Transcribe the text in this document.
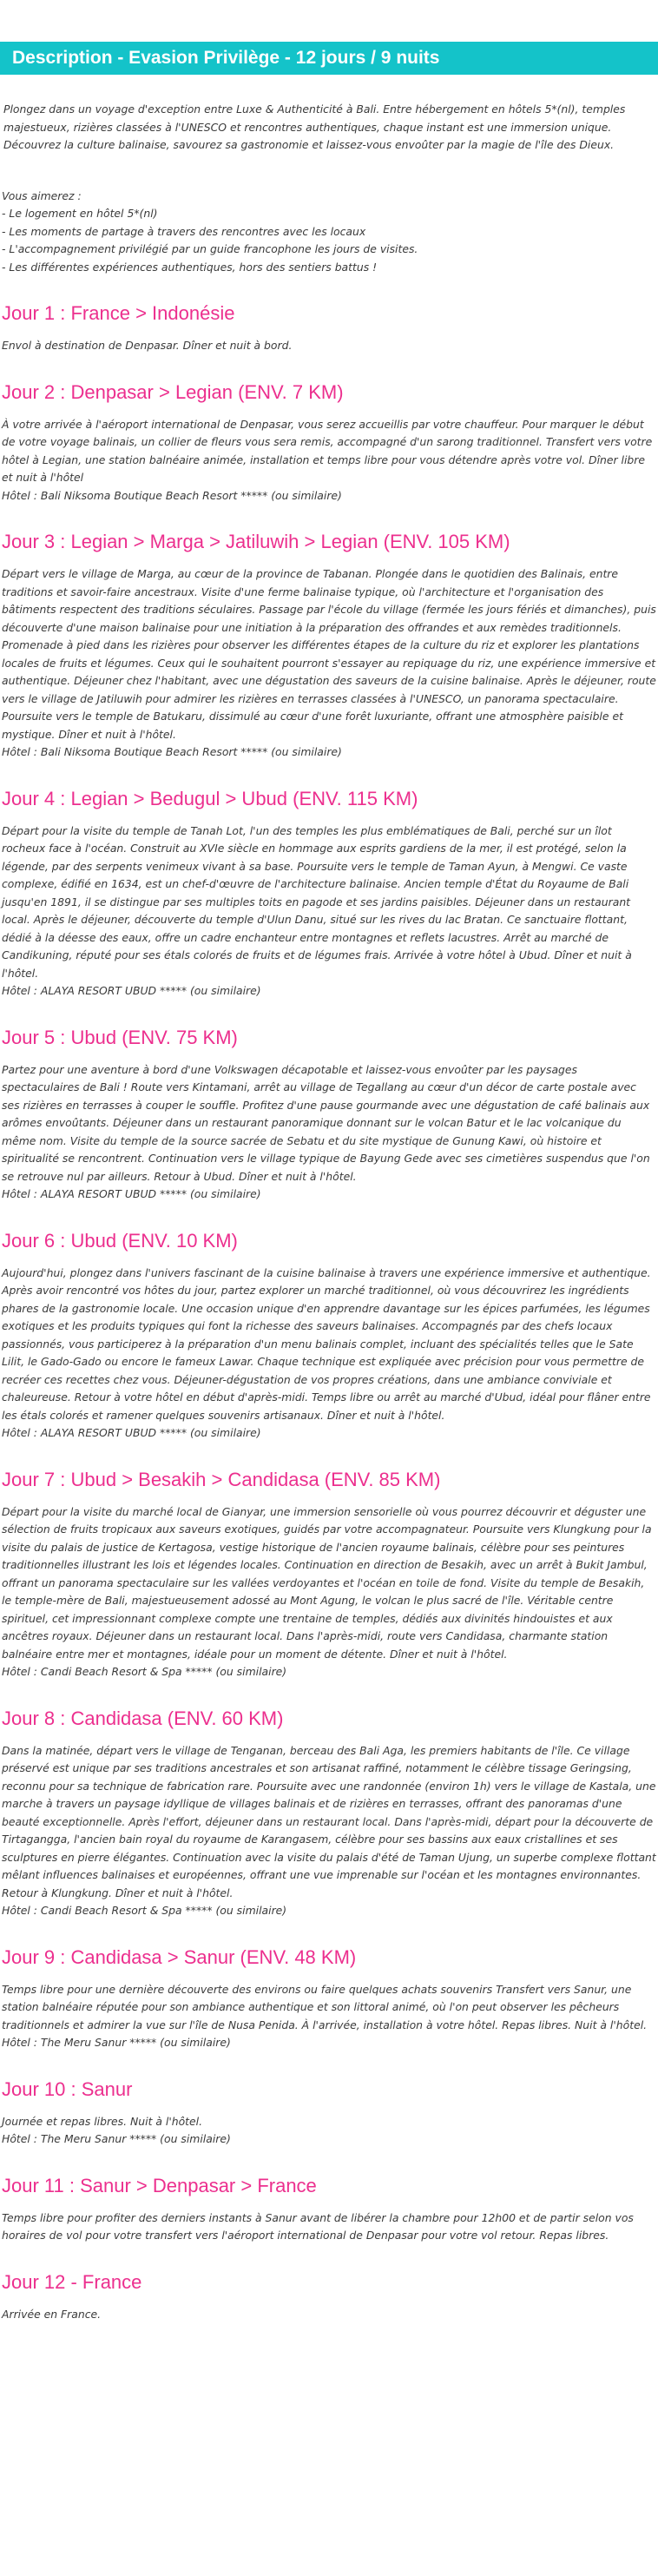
Description - Evasion Privilège - 12 jours / 9 nuits

Plongez dans un voyage d'exception entre Luxe & Authenticité à Bali. Entre hébergement en hôtels 5*(nl), temples majestueux, rizières classées à l'UNESCO et rencontres authentiques, chaque instant est une immersion unique. Découvrez la culture balinaise, savourez sa gastronomie et laissez-vous envoûter par la magie de l'île des Dieux.

Vous aimerez :
- Le logement en hôtel 5*(nl)
- Les moments de partage à travers des rencontres avec les locaux
- L'accompagnement privilégié par un guide francophone les jours de visites.
- Les différentes expériences authentiques, hors des sentiers battus !

Jour 1 : France > Indonésie

Envol à destination de Denpasar. Dîner et nuit à bord.

Jour 2 : Denpasar > Legian (ENV. 7 KM)

À votre arrivée à l'aéroport international de Denpasar, vous serez accueillis par votre chauffeur. Pour marquer le début de votre voyage balinais, un collier de fleurs vous sera remis, accompagné d'un sarong traditionnel. Transfert vers votre hôtel à Legian, une station balnéaire animée, installation et temps libre pour vous détendre après votre vol. Dîner libre et nuit à l'hôtel
Hôtel : Bali Niksoma Boutique Beach Resort ***** (ou similaire)

Jour 3 : Legian > Marga > Jatiluwih > Legian (ENV. 105 KM)

Départ vers le village de Marga, au cœur de la province de Tabanan. Plongée dans le quotidien des Balinais, entre traditions et savoir-faire ancestraux. Visite d'une ferme balinaise typique, où l'architecture et l'organisation des bâtiments respectent des traditions séculaires. Passage par l'école du village (fermée les jours fériés et dimanches), puis découverte d'une maison balinaise pour une initiation à la préparation des offrandes et aux remèdes traditionnels. Promenade à pied dans les rizières pour observer les différentes étapes de la culture du riz et explorer les plantations locales de fruits et légumes. Ceux qui le souhaitent pourront s'essayer au repiquage du riz, une expérience immersive et authentique. Déjeuner chez l'habitant, avec une dégustation des saveurs de la cuisine balinaise. Après le déjeuner, route vers le village de Jatiluwih pour admirer les rizières en terrasses classées à l'UNESCO, un panorama spectaculaire. Poursuite vers le temple de Batukaru, dissimulé au cœur d'une forêt luxuriante, offrant une atmosphère paisible et mystique. Dîner et nuit à l'hôtel.
Hôtel : Bali Niksoma Boutique Beach Resort ***** (ou similaire)

Jour 4 : Legian > Bedugul > Ubud (ENV. 115 KM)

Départ pour la visite du temple de Tanah Lot, l'un des temples les plus emblématiques de Bali, perché sur un îlot rocheux face à l'océan. Construit au XVIe siècle en hommage aux esprits gardiens de la mer, il est protégé, selon la légende, par des serpents venimeux vivant à sa base. Poursuite vers le temple de Taman Ayun, à Mengwi. Ce vaste complexe, édifié en 1634, est un chef-d'œuvre de l'architecture balinaise. Ancien temple d'État du Royaume de Bali jusqu'en 1891, il se distingue par ses multiples toits en pagode et ses jardins paisibles. Déjeuner dans un restaurant local. Après le déjeuner, découverte du temple d'Ulun Danu, situé sur les rives du lac Bratan. Ce sanctuaire flottant, dédié à la déesse des eaux, offre un cadre enchanteur entre montagnes et reflets lacustres. Arrêt au marché de Candikuning, réputé pour ses étals colorés de fruits et de légumes frais. Arrivée à votre hôtel à Ubud. Dîner et nuit à l'hôtel.
Hôtel : ALAYA RESORT UBUD ***** (ou similaire)

Jour 5 : Ubud (ENV. 75 KM)

Partez pour une aventure à bord d'une Volkswagen décapotable et laissez-vous envoûter par les paysages spectaculaires de Bali ! Route vers Kintamani, arrêt au village de Tegallang au cœur d'un décor de carte postale avec ses rizières en terrasses à couper le souffle. Profitez d'une pause gourmande avec une dégustation de café balinais aux arômes envoûtants. Déjeuner dans un restaurant panoramique donnant sur le volcan Batur et le lac volcanique du même nom. Visite du temple de la source sacrée de Sebatu et du site mystique de Gunung Kawi, où histoire et spiritualité se rencontrent. Continuation vers le village typique de Bayung Gede avec ses cimetières suspendus que l'on se retrouve nul par ailleurs. Retour à Ubud. Dîner et nuit à l'hôtel.
Hôtel : ALAYA RESORT UBUD ***** (ou similaire)

Jour 6 : Ubud (ENV. 10 KM)

Aujourd'hui, plongez dans l'univers fascinant de la cuisine balinaise à travers une expérience immersive et authentique. Après avoir rencontré vos hôtes du jour, partez explorer un marché traditionnel, où vous découvrirez les ingrédients phares de la gastronomie locale. Une occasion unique d'en apprendre davantage sur les épices parfumées, les légumes exotiques et les produits typiques qui font la richesse des saveurs balinaises. Accompagnés par des chefs locaux passionnés, vous participerez à la préparation d'un menu balinais complet, incluant des spécialités telles que le Sate Lilit, le Gado-Gado ou encore le fameux Lawar. Chaque technique est expliquée avec précision pour vous permettre de recréer ces recettes chez vous. Déjeuner-dégustation de vos propres créations, dans une ambiance conviviale et chaleureuse. Retour à votre hôtel en début d'après-midi. Temps libre ou arrêt au marché d'Ubud, idéal pour flâner entre les étals colorés et ramener quelques souvenirs artisanaux. Dîner et nuit à l'hôtel.
Hôtel : ALAYA RESORT UBUD ***** (ou similaire)

Jour 7 : Ubud > Besakih > Candidasa (ENV. 85 KM)

Départ pour la visite du marché local de Gianyar, une immersion sensorielle où vous pourrez découvrir et déguster une sélection de fruits tropicaux aux saveurs exotiques, guidés par votre accompagnateur. Poursuite vers Klungkung pour la visite du palais de justice de Kertagosa, vestige historique de l'ancien royaume balinais, célèbre pour ses peintures traditionnelles illustrant les lois et légendes locales. Continuation en direction de Besakih, avec un arrêt à Bukit Jambul, offrant un panorama spectaculaire sur les vallées verdoyantes et l'océan en toile de fond. Visite du temple de Besakih, le temple-mère de Bali, majestueusement adossé au Mont Agung, le volcan le plus sacré de l'île. Véritable centre spirituel, cet impressionnant complexe compte une trentaine de temples, dédiés aux divinités hindouistes et aux ancêtres royaux. Déjeuner dans un restaurant local. Dans l'après-midi, route vers Candidasa, charmante station balnéaire entre mer et montagnes, idéale pour un moment de détente. Dîner et nuit à l'hôtel.
Hôtel : Candi Beach Resort & Spa ***** (ou similaire)

Jour 8 : Candidasa (ENV. 60 KM)

Dans la matinée, départ vers le village de Tenganan, berceau des Bali Aga, les premiers habitants de l'île. Ce village préservé est unique par ses traditions ancestrales et son artisanat raffiné, notamment le célèbre tissage Geringsing, reconnu pour sa technique de fabrication rare. Poursuite avec une randonnée (environ 1h) vers le village de Kastala, une marche à travers un paysage idyllique de villages balinais et de rizières en terrasses, offrant des panoramas d'une beauté exceptionnelle. Après l'effort, déjeuner dans un restaurant local. Dans l'après-midi, départ pour la découverte de Tirtagangga, l'ancien bain royal du royaume de Karangasem, célèbre pour ses bassins aux eaux cristallines et ses sculptures en pierre élégantes. Continuation avec la visite du palais d'été de Taman Ujung, un superbe complexe flottant mêlant influences balinaises et européennes, offrant une vue imprenable sur l'océan et les montagnes environnantes. Retour à Klungkung. Dîner et nuit à l'hôtel.
Hôtel : Candi Beach Resort & Spa ***** (ou similaire)

Jour 9 : Candidasa > Sanur (ENV. 48 KM)

Temps libre pour une dernière découverte des environs ou faire quelques achats souvenirs Transfert vers Sanur, une station balnéaire réputée pour son ambiance authentique et son littoral animé, où l'on peut observer les pêcheurs traditionnels et admirer la vue sur l'île de Nusa Penida. À l'arrivée, installation à votre hôtel. Repas libres. Nuit à l'hôtel.
Hôtel : The Meru Sanur ***** (ou similaire)

Jour 10 : Sanur

Journée et repas libres. Nuit à l'hôtel.
Hôtel : The Meru Sanur ***** (ou similaire)

Jour 11 : Sanur > Denpasar > France

Temps libre pour profiter des derniers instants à Sanur avant de libérer la chambre pour 12h00 et de partir selon vos horaires de vol pour votre transfert vers l'aéroport international de Denpasar pour votre vol retour. Repas libres.

Jour 12 - France

Arrivée en France.
